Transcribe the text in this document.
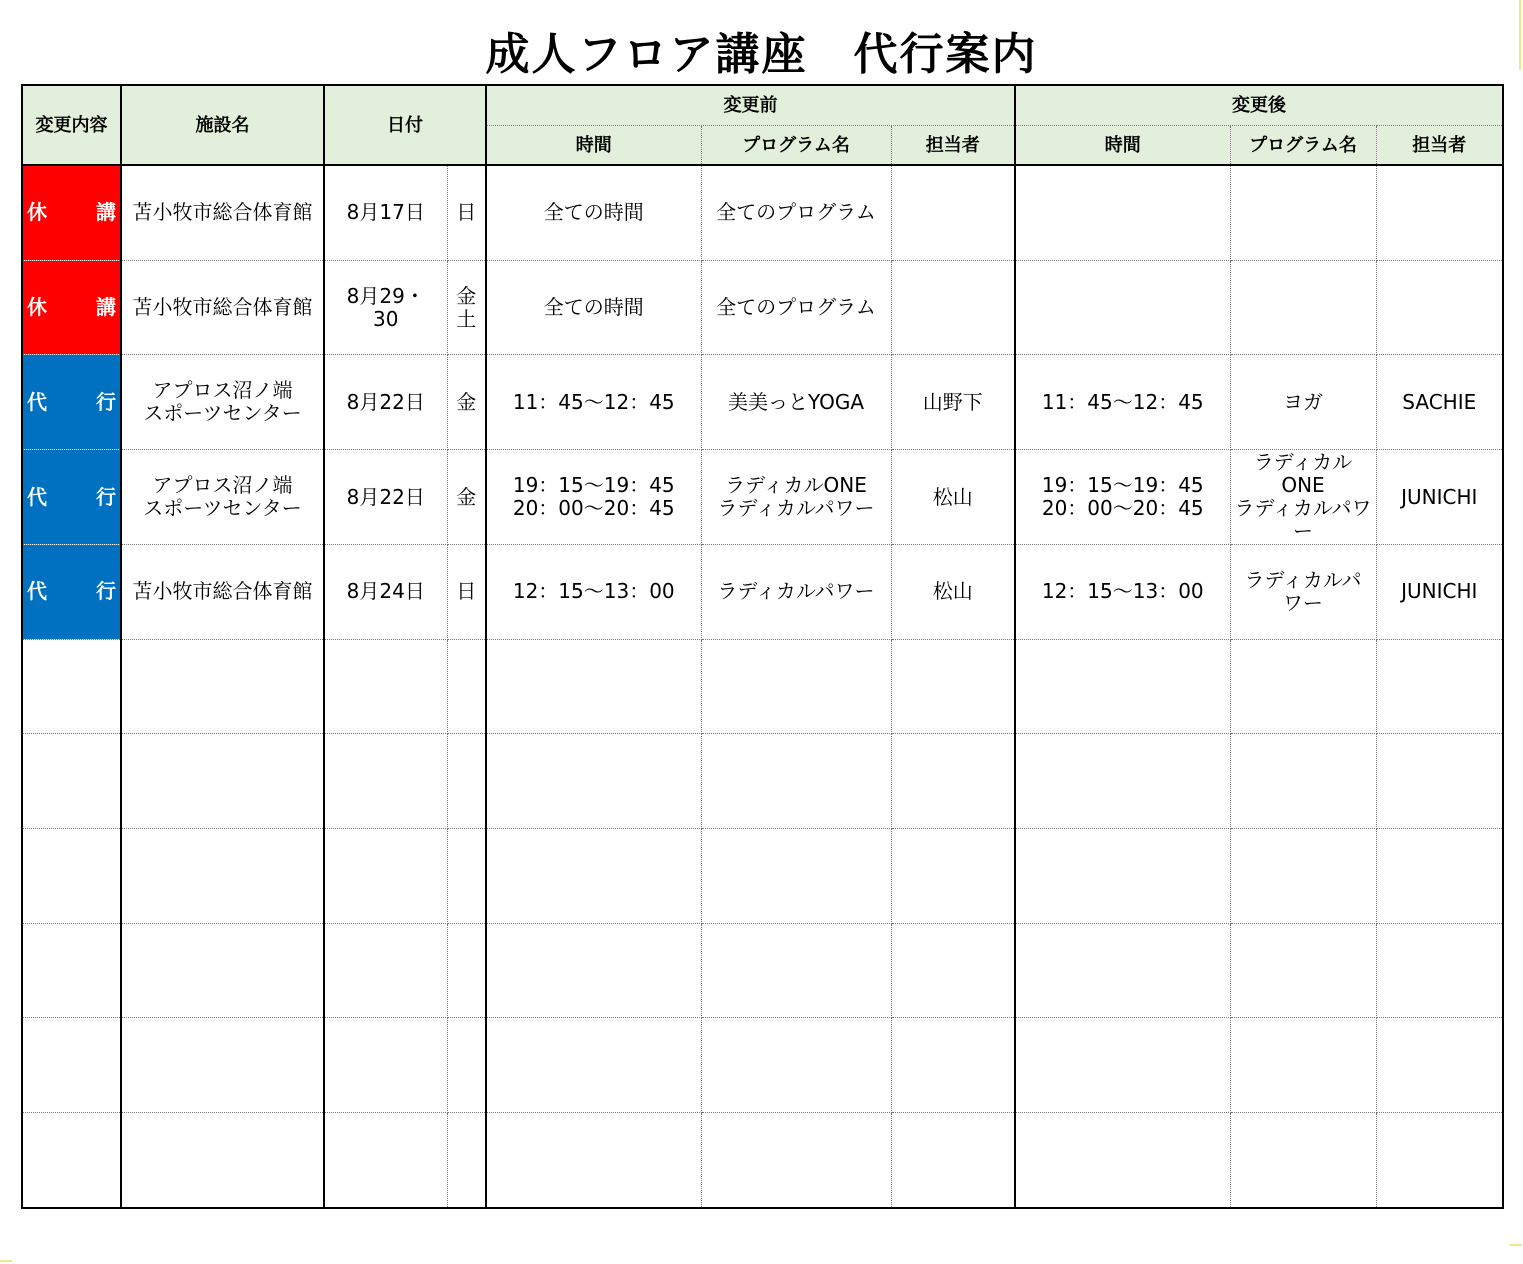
成人フロア講座　代行案内
変更内容	施設名	日付		変更前			変更後		
				時間	プログラム名	担当者	時間	プログラム名	担当者

休　講	苫小牧市総合体育館	8月17日	日	全ての時間	全てのプログラム				

休　講	苫小牧市総合体育館	8月29・
30	金土	全ての時間	全てのプログラム				

代　行	アプロス沼ノ端
スポーツセンター	8月22日	金	11：45～12：45	美美っとYOGA	山野下	11：45～12：45	ヨガ	SACHIE

代　行	アプロス沼ノ端
スポーツセンター	8月22日	金	19：15～19：45
20：00～20：45	ラディカルONE
ラディカルパワー	松山	19：15～19：45
20：00～20：45	ラディカルONE
ラディカルパワー	JUNICHI

代　行	苫小牧市総合体育館	8月24日	日	12：15～13：00	ラディカルパワー	松山	12：15～13：00	ラディカルパ
ワー	JUNICHI
